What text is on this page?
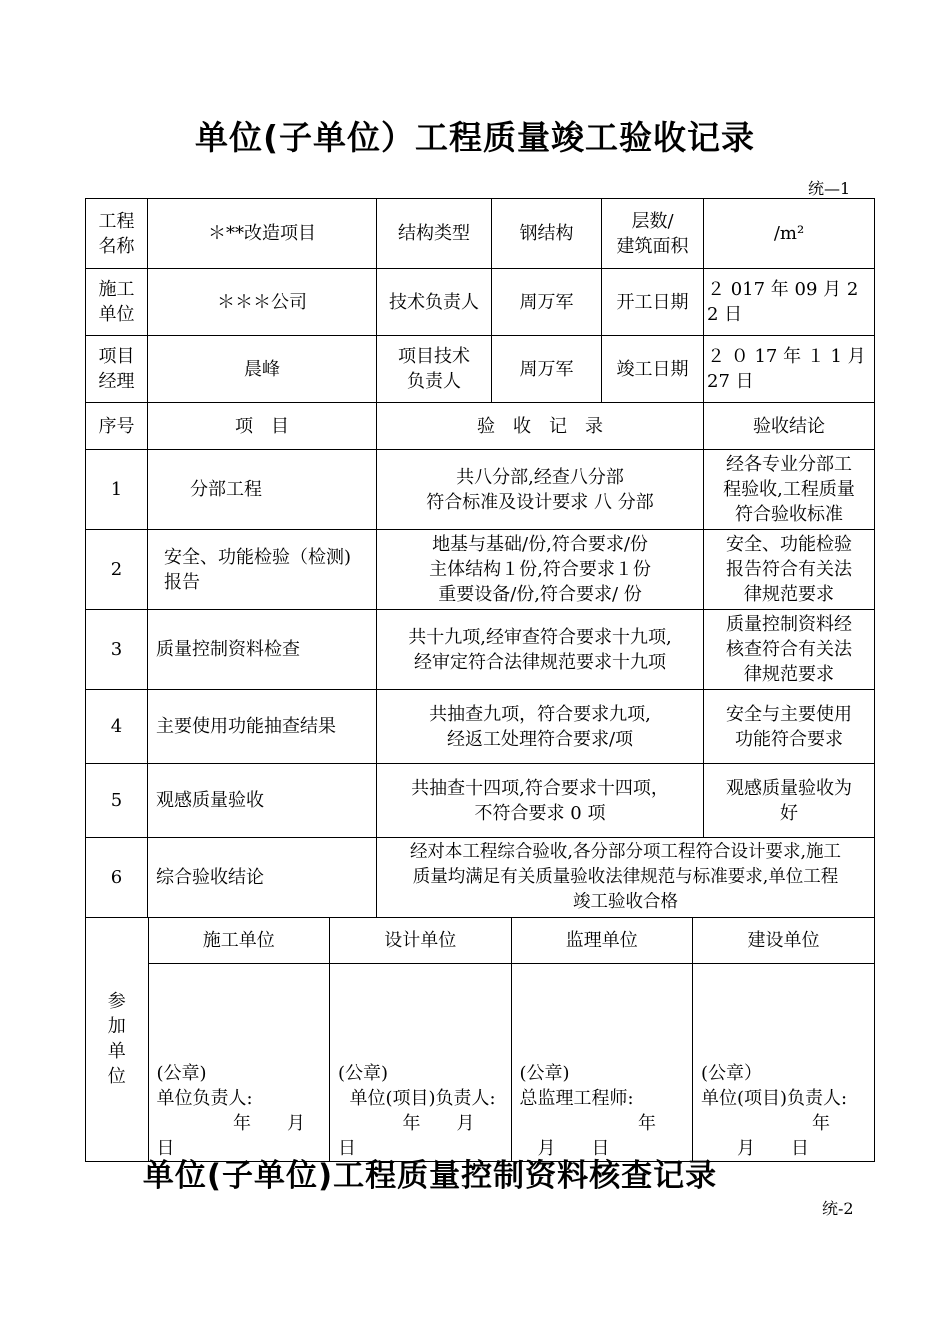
单位(子单位）工程质量竣工验收记录
统—1
工程
名称	＊**改造项目	结构类型	钢结构	层数/
建筑面积	/m²
施工
单位	＊＊＊公司	技术负责人	周万军	开工日期	２ 017 年 09 月 2
2 日
项目
经理	晨峰	项目技术
负责人	周万军	竣工日期	２ ０ 17 年 １ 1 月
27 日
序号	项　目	验　收　记　录	验收结论
1	分部工程	共八分部,经查八分部
符合标准及设计要求 八 分部	经各专业分部工
程验收,工程质量
符合验收标准
2	安全、功能检验（检测)
报告	地基与基础/份,符合要求/份
主体结构１份,符合要求１份
重要设备/份,符合要求/ 份	安全、功能检验
报告符合有关法
律规范要求
3	质量控制资料检查	共十九项,经审查符合要求十九项,
经审定符合法律规范要求十九项	质量控制资料经
核查符合有关法
律规范要求
4	主要使用功能抽查结果	共抽查九项，符合要求九项,
经返工处理符合要求/项	安全与主要使用
功能符合要求
5	观感质量验收	共抽查十四项,符合要求十四项，
不符合要求 0 项	观感质量验收为
好
6	综合验收结论	经对本工程综合验收,各分部分项工程符合设计要求,施工
质量均满足有关质量验收法律规范与标准要求,单位工程
竣工验收合格

参
加
单
位	施工单位	设计单位	监理单位	建设单位

(公章)
单位负责人:
年　　月
日

(公章)
单位(项目)负责人:
年　　月
日

(公章)
总监理工程师:
年
　月　　日

(公章）
单位(项目)负责人:
年
　　月　　日
单位(子单位)工程质量控制资料核查记录
统-2
